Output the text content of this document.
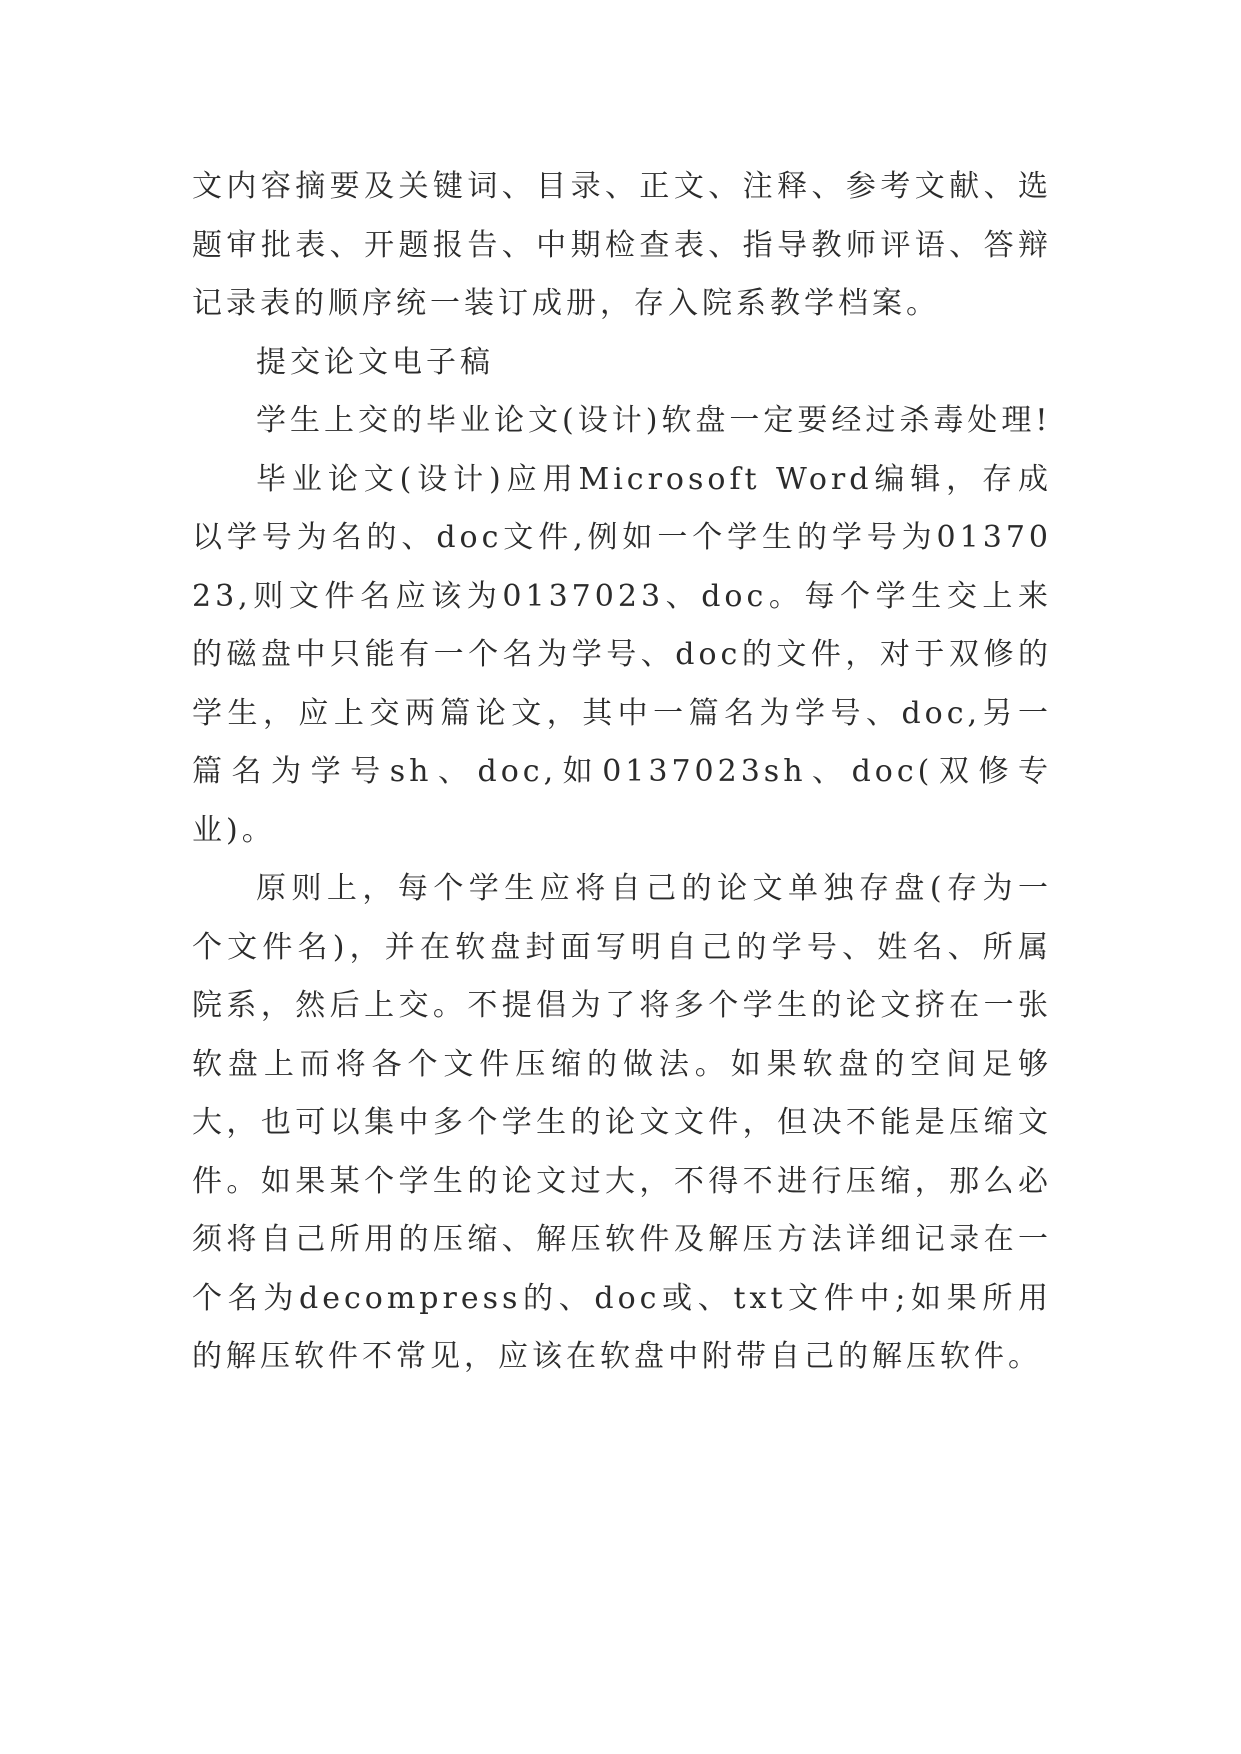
文内容摘要及关键词、目录、正文、注释、参考文献、选题审批表、开题报告、中期检查表、指导教师评语、答辩记录表的顺序统一装订成册，存入院系教学档案。

提交论文电子稿

学生上交的毕业论文(设计)软盘一定要经过杀毒处理!

毕业论文(设计)应用Microsoft Word编辑，存成以学号为名的、doc文件,例如一个学生的学号为0137023,则文件名应该为0137023、doc。每个学生交上来的磁盘中只能有一个名为学号、doc的文件，对于双修的学生，应上交两篇论文，其中一篇名为学号、doc,另一篇名为学号sh、doc,如0137023sh、doc(双修专业)。

原则上，每个学生应将自己的论文单独存盘(存为一个文件名)，并在软盘封面写明自己的学号、姓名、所属院系，然后上交。不提倡为了将多个学生的论文挤在一张软盘上而将各个文件压缩的做法。如果软盘的空间足够大，也可以集中多个学生的论文文件，但决不能是压缩文件。如果某个学生的论文过大，不得不进行压缩，那么必须将自己所用的压缩、解压软件及解压方法详细记录在一个名为decompress的、doc或、txt文件中;如果所用的解压软件不常见，应该在软盘中附带自己的解压软件。
